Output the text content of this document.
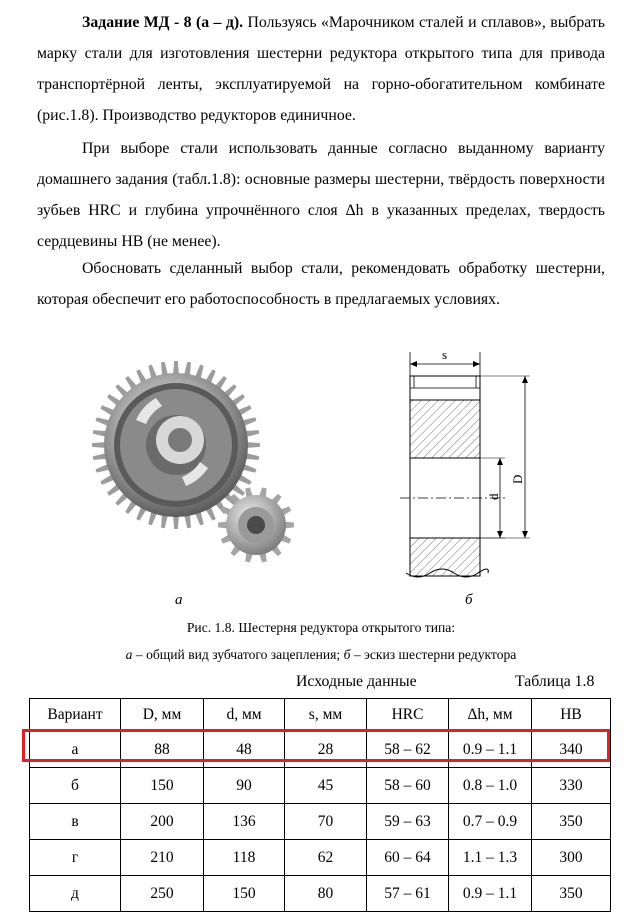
Задание МД - 8 (а – д). Пользуясь «Марочником сталей и сплавов», выбрать марку стали для изготовления шестерни редуктора открытого типа для привода транспортёрной ленты, эксплуатируемой на горно-обогатительном комбинате (рис.1.8). Производство редукторов единичное.

При выборе стали использовать данные согласно выданному варианту домашнего задания (табл.1.8): основные размеры шестерни, твёрдость поверхности зубьев HRC и глубина упрочнённого слоя Δh в указанных пределах, твердость сердцевины HB (не менее).

Обосновать сделанный выбор стали, рекомендовать обработку шестерни, которая обеспечит его работоспособность в предлагаемых условиях.

s
d
D
а	б
Рис. 1.8. Шестерня редуктора открытого типа:
а – общий вид зубчатого зацепления; б – эскиз шестерни редуктора
Исходные данные	Таблица 1.8
Вариант	D, мм	d, мм	s, мм	HRC	Δh, мм	HB
а	88	48	28	58 – 62	0.9 – 1.1	340
б	150	90	45	58 – 60	0.8 – 1.0	330
в	200	136	70	59 – 63	0.7 – 0.9	350
г	210	118	62	60 – 64	1.1 – 1.3	300
д	250	150	80	57 – 61	0.9 – 1.1	350
